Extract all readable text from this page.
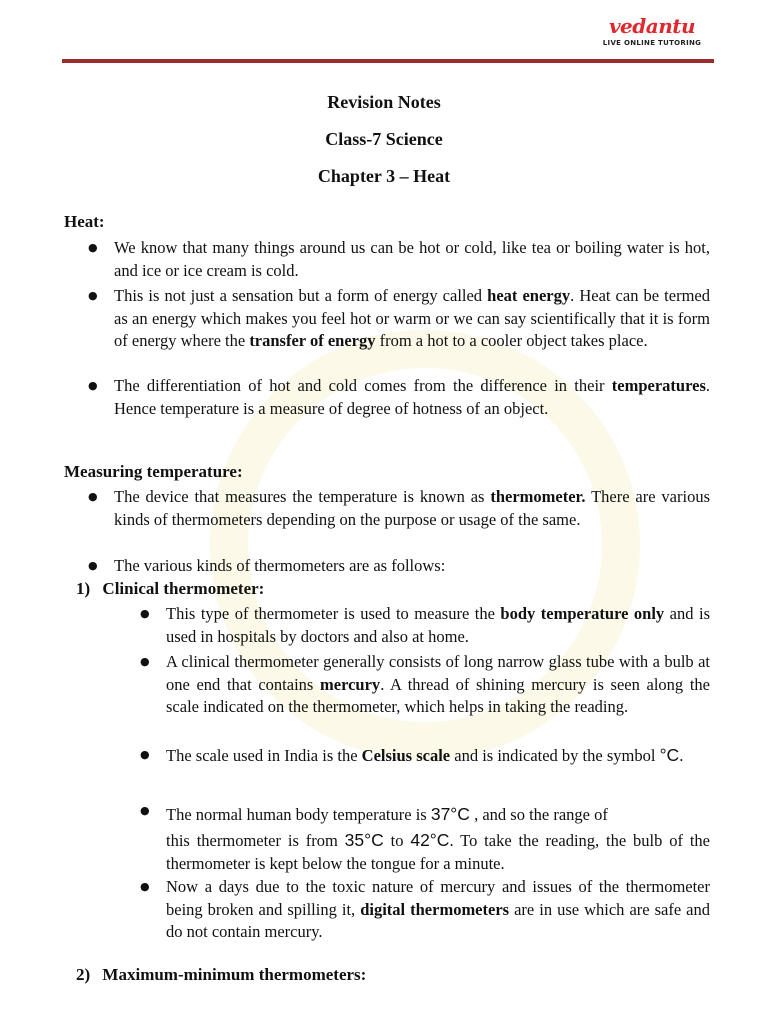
vedantu
LIVE ONLINE TUTORING
Revision Notes
Class-7 Science
Chapter 3 – Heat
Heat:

● We know that many things around us can be hot or cold, like tea or boiling water is hot, and ice or ice cream is cold.

● This is not just a sensation but a form of energy called heat energy. Heat can be termed as an energy which makes you feel hot or warm or we can say scientifically that it is form of energy where the transfer of energy from a hot to a cooler object takes place.

● The differentiation of hot and cold comes from the difference in their temperatures. Hence temperature is a measure of degree of hotness of an object.

Measuring temperature:

● The device that measures the temperature is known as thermometer. There are various kinds of thermometers depending on the purpose or usage of the same.

● The various kinds of thermometers are as follows:

1) Clinical thermometer:

● This type of thermometer is used to measure the body temperature only and is used in hospitals by doctors and also at home.

● A clinical thermometer generally consists of long narrow glass tube with a bulb at one end that contains mercury. A thread of shining mercury is seen along the scale indicated on the thermometer, which helps in taking the reading.

● The scale used in India is the Celsius scale and is indicated by the symbol °C.

● The normal human body temperature is 37°C , and so the range of
this thermometer is from 35°C to 42°C. To take the reading, the bulb of the thermometer is kept below the tongue for a minute.

● Now a days due to the toxic nature of mercury and issues of the thermometer being broken and spilling it, digital thermometers are in use which are safe and do not contain mercury.

2) Maximum-minimum thermometers:
